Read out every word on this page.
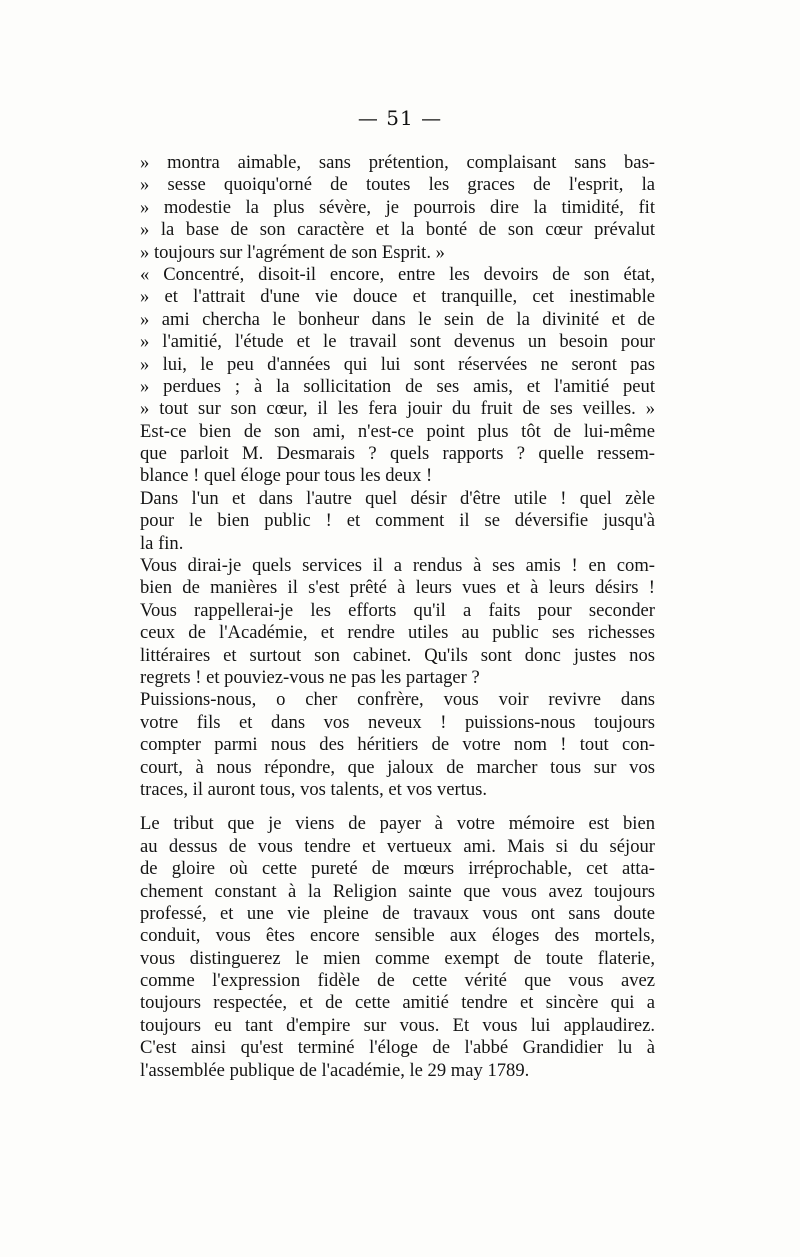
— 51 —
» montra aimable, sans prétention, complaisant sans bas-
» sesse quoiqu'orné de toutes les graces de l'esprit, la
» modestie la plus sévère, je pourrois dire la timidité, fit
» la base de son caractère et la bonté de son cœur prévalut
» toujours sur l'agrément de son Esprit. »
« Concentré, disoit-il encore, entre les devoirs de son état,
» et l'attrait d'une vie douce et tranquille, cet inestimable
» ami chercha le bonheur dans le sein de la divinité et de
» l'amitié, l'étude et le travail sont devenus un besoin pour
» lui, le peu d'années qui lui sont réservées ne seront pas
» perdues ; à la sollicitation de ses amis, et l'amitié peut
» tout sur son cœur, il les fera jouir du fruit de ses veilles. »
Est-ce bien de son ami, n'est-ce point plus tôt de lui-même
que parloit M. Desmarais ? quels rapports ? quelle ressem-
blance ! quel éloge pour tous les deux !
Dans l'un et dans l'autre quel désir d'être utile ! quel zèle
pour le bien public ! et comment il se déversifie jusqu'à
la fin.
Vous dirai-je quels services il a rendus à ses amis ! en com-
bien de manières il s'est prêté à leurs vues et à leurs désirs !
Vous rappellerai-je les efforts qu'il a faits pour seconder
ceux de l'Académie, et rendre utiles au public ses richesses
littéraires et surtout son cabinet. Qu'ils sont donc justes nos
regrets ! et pouviez-vous ne pas les partager ?
Puissions-nous, o cher confrère, vous voir revivre dans
votre fils et dans vos neveux ! puissions-nous toujours
compter parmi nous des héritiers de votre nom ! tout con-
court, à nous répondre, que jaloux de marcher tous sur vos
traces, il auront tous, vos talents, et vos vertus.
Le tribut que je viens de payer à votre mémoire est bien
au dessus de vous tendre et vertueux ami. Mais si du séjour
de gloire où cette pureté de mœurs irréprochable, cet atta-
chement constant à la Religion sainte que vous avez toujours
professé, et une vie pleine de travaux vous ont sans doute
conduit, vous êtes encore sensible aux éloges des mortels,
vous distinguerez le mien comme exempt de toute flaterie,
comme l'expression fidèle de cette vérité que vous avez
toujours respectée, et de cette amitié tendre et sincère qui a
toujours eu tant d'empire sur vous. Et vous lui applaudirez.
C'est ainsi qu'est terminé l'éloge de l'abbé Grandidier lu à
l'assemblée publique de l'académie, le 29 may 1789.
